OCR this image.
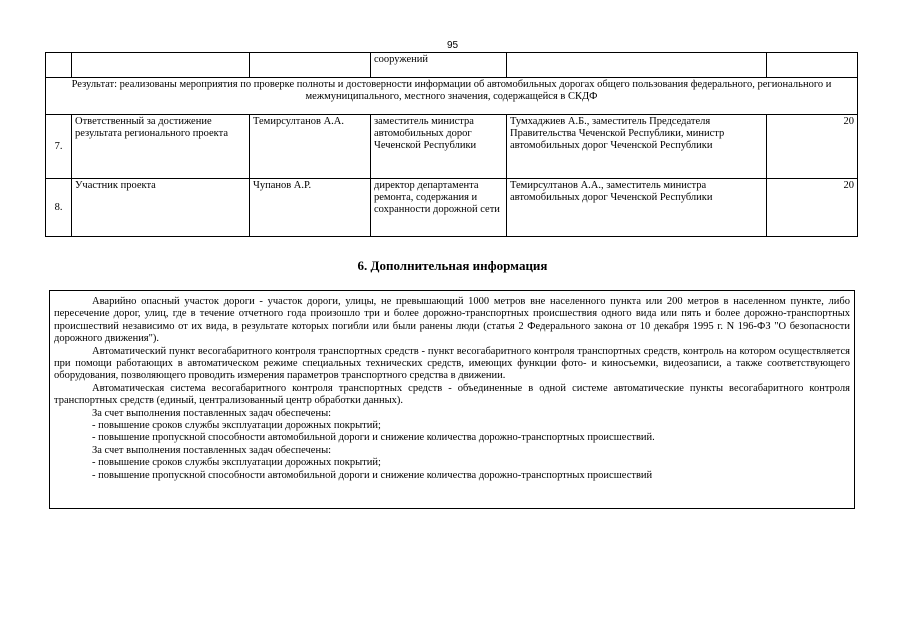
95
			сооружений		
Результат: реализованы мероприятия по проверке полноты и достоверности информации об автомобильных дорогах общего пользования федерального, регионального и межмуниципального, местного значения, содержащейся в СКДФ					
7.	Ответственный за достижение результата регионального проекта	Темирсултанов А.А.	заместитель министра автомобильных дорог Чеченской Республики	Тумхаджиев А.Б., заместитель Председателя Правительства Чеченской Республики, министр автомобильных дорог Чеченской Республики	20
8.	Участник проекта	Чупанов А.Р.	директор департамента ремонта, содержания и сохранности дорожной сети	Темирсултанов А.А., заместитель министра автомобильных дорог Чеченской Республики	20
6. Дополнительная информация

Аварийно опасный участок дороги - участок дороги, улицы, не превышающий 1000 метров вне населенного пункта или 200 метров в населенном пункте, либо пересечение дорог, улиц, где в течение отчетного года произошло три и более дорожно-транспортных происшествия одного вида или пять и более дорожно-транспортных происшествий независимо от их вида, в результате которых погибли или были ранены люди (статья 2 Федерального закона от 10 декабря 1995 г. N 196-ФЗ "О безопасности дорожного движения").

Автоматический пункт весогабаритного контроля транспортных средств - пункт весогабаритного контроля транспортных средств, контроль на котором осуществляется при помощи работающих в автоматическом режиме специальных технических средств, имеющих функции фото- и киносъемки, видеозаписи, а также соответствующего оборудования, позволяющего проводить измерения параметров транспортного средства в движении.

Автоматическая система весогабаритного контроля транспортных средств - объединенные в одной системе автоматические пункты весогабаритного контроля транспортных средств (единый, централизованный центр обработки данных).

За счет выполнения поставленных задач обеспечены:

- повышение сроков службы эксплуатации дорожных покрытий;

- повышение пропускной способности автомобильной дороги и снижение количества дорожно-транспортных происшествий.

За счет выполнения поставленных задач обеспечены:

- повышение сроков службы эксплуатации дорожных покрытий;

- повышение пропускной способности автомобильной дороги и снижение количества дорожно-транспортных происшествий
